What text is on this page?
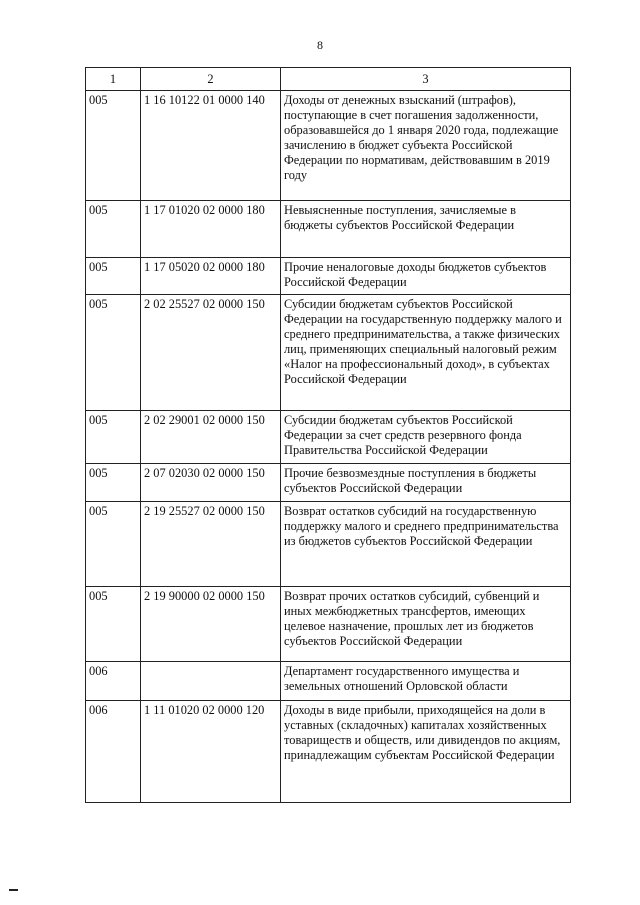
8
1	2	3
005	1 16 10122 01 0000 140	Доходы от денежных взысканий (штрафов), поступающие в счет погашения задолженности, образовавшейся до 1 января 2020 года, подлежащие зачислению в бюджет субъекта Российской Федерации по нормативам, действовавшим в 2019 году
005	1 17 01020 02 0000 180	Невыясненные поступления, зачисляемые в бюджеты субъектов Российской Федерации
005	1 17 05020 02 0000 180	Прочие неналоговые доходы бюджетов субъектов Российской Федерации
005	2 02 25527 02 0000 150	Субсидии бюджетам субъектов Российской Федерации на государственную поддержку малого и среднего предпринимательства, а также физических лиц, применяющих специальный налоговый режим «Налог на профессиональный доход», в субъектах Российской Федерации
005	2 02 29001 02 0000 150	Субсидии бюджетам субъектов Российской Федерации за счет средств резервного фонда Правительства Российской Федерации
005	2 07 02030 02 0000 150	Прочие безвозмездные поступления в бюджеты субъектов Российской Федерации
005	2 19 25527 02 0000 150	Возврат остатков субсидий на государственную поддержку малого и среднего предпринимательства из бюджетов субъектов Российской Федерации
005	2 19 90000 02 0000 150	Возврат прочих остатков субсидий, субвенций и иных межбюджетных трансфертов, имеющих целевое назначение, прошлых лет из бюджетов субъектов Российской Федерации
006		Департамент государственного имущества и земельных отношений Орловской области
006	1 11 01020 02 0000 120	Доходы в виде прибыли, приходящейся на доли в уставных (складочных) капиталах хозяйственных товариществ и обществ, или дивидендов по акциям, принадлежащим субъектам Российской Федерации
